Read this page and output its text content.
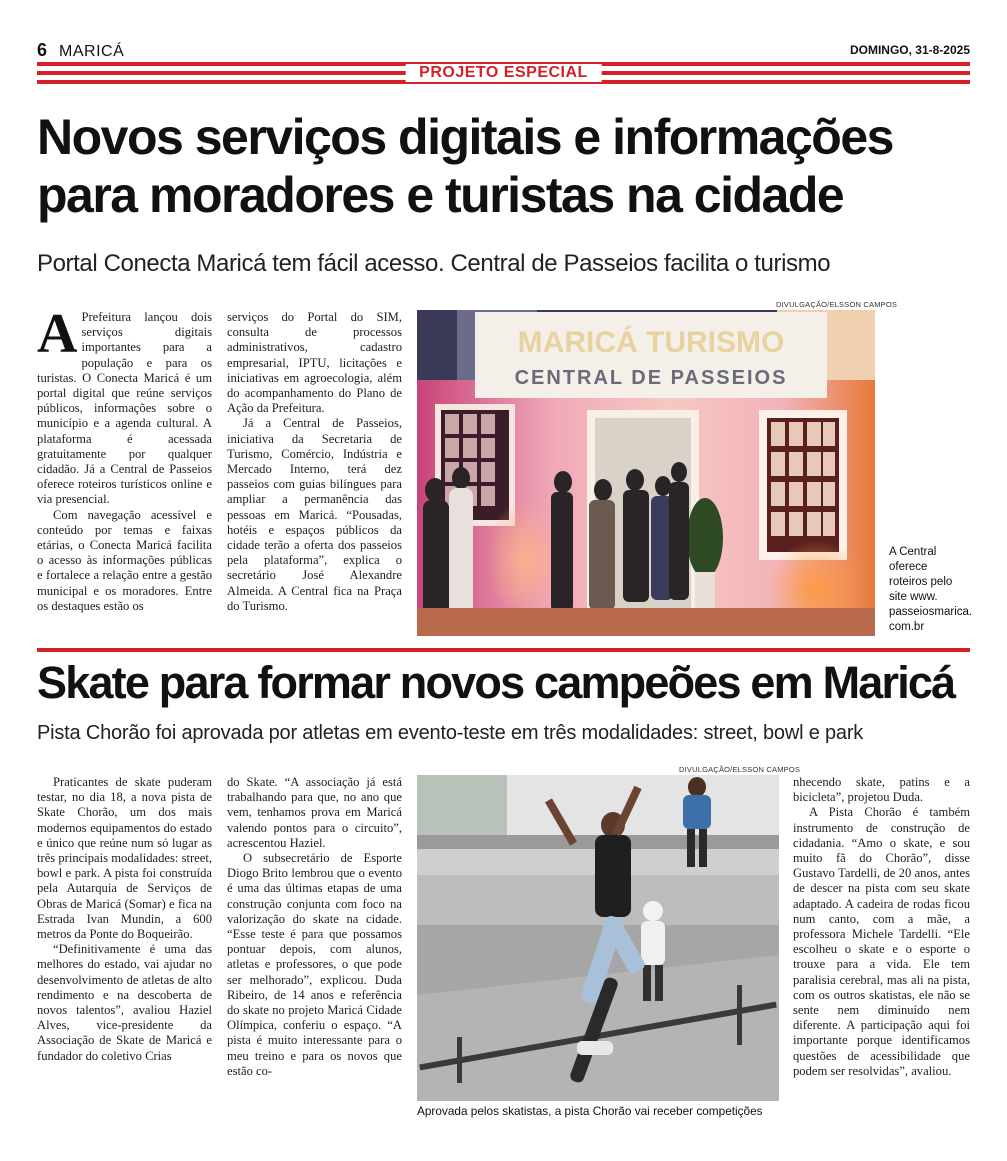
6 MARICÁ	DOMINGO, 31-8-2025
PROJETO ESPECIAL
Novos serviços digitais e informações para moradores e turistas na cidade
Portal Conecta Maricá tem fácil acesso. Central de Passeios facilita o turismo

A Prefeitura lançou dois serviços digitais importantes para a população e para os turistas. O Conecta Maricá é um portal digital que reúne serviços públicos, informações sobre o município e a agenda cultural. A plataforma é acessada gratuitamente por qualquer cidadão. Já a Central de Passeios oferece roteiros turísticos online e via presencial.

Com navegação acessível e conteúdo por temas e faixas etárias, o Conecta Maricá facilita o acesso às informações públicas e fortalece a relação entre a gestão municipal e os moradores. Entre os destaques estão os

serviços do Portal do SIM, consulta de processos administrativos, cadastro empresarial, IPTU, licitações e iniciativas em agroecologia, além do acompanhamento do Plano de Ação da Prefeitura.

Já a Central de Passeios, iniciativa da Secretaria de Turismo, Comércio, Indústria e Mercado Interno, terá dez passeios com guias bilíngues para ampliar a permanência das pessoas em Maricá. “Pousadas, hotéis e espaços públicos da cidade terão a oferta dos passeios pela plataforma”, explica o secretário José Alexandre Almeida. A Central fica na Praça do Turismo.

DIVULGAÇÃO/ELSSON CAMPOS
MARICÁ TURISMO
CENTRAL DE PASSEIOS
A Central
oferece
roteiros pelo
site www.
passeiosmarica.
com.br
Skate para formar novos campeões em Maricá
Pista Chorão foi aprovada por atletas em evento-teste em três modalidades: street, bowl e park

Praticantes de skate puderam testar, no dia 18, a nova pista de Skate Chorão, um dos mais modernos equipamentos do estado e único que reúne num só lugar as três principais modalidades: street, bowl e park. A pista foi construída pela Autarquia de Serviços de Obras de Maricá (Somar) e fica na Estrada Ivan Mundin, a 600 metros da Ponte do Boqueirão.

“Definitivamente é uma das melhores do estado, vai ajudar no desenvolvimento de atletas de alto rendimento e na descoberta de novos talentos”, avaliou Haziel Alves, vice-presidente da Associação de Skate de Maricá e fundador do coletivo Crias

do Skate. “A associação já está trabalhando para que, no ano que vem, tenhamos prova em Maricá valendo pontos para o circuito”, acrescentou Haziel.

O subsecretário de Esporte Diogo Brito lembrou que o evento é uma das últimas etapas de uma construção conjunta com foco na valorização do skate na cidade. “Esse teste é para que possamos pontuar depois, com alunos, atletas e professores, o que pode ser melhorado”, explicou. Duda Ribeiro, de 14 anos e referência do skate no projeto Maricá Cidade Olímpica, conferiu o espaço. “A pista é muito interessante para o meu treino e para os novos que estão co-

DIVULGAÇÃO/ELSSON CAMPOS
Aprovada pelos skatistas, a pista Chorão vai receber competições

nhecendo skate, patins e a bicicleta”, projetou Duda.

A Pista Chorão é também instrumento de construção de cidadania. “Amo o skate, e sou muito fã do Chorão”, disse Gustavo Tardelli, de 20 anos, antes de descer na pista com seu skate adaptado. A cadeira de rodas ficou num canto, com a mãe, a professora Michele Tardelli. “Ele escolheu o skate e o esporte o trouxe para a vida. Ele tem paralisia cerebral, mas ali na pista, com os outros skatistas, ele não se sente nem diminuído nem diferente. A participação aqui foi importante porque identificamos questões de acessibilidade que podem ser resolvidas”, avaliou.
